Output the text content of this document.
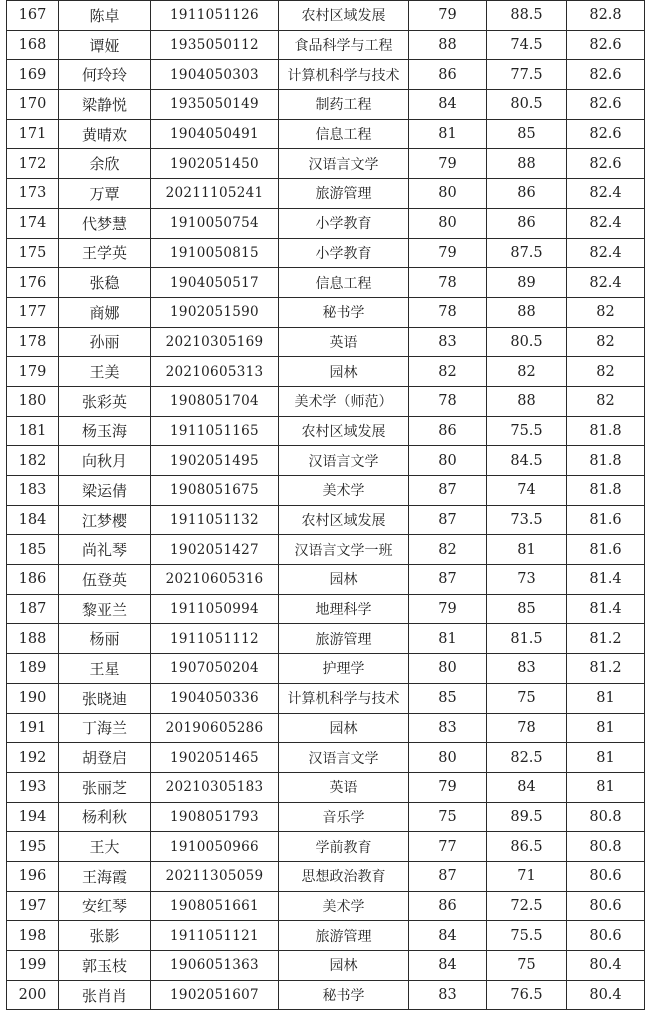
167	陈卓	1911051126	农村区域发展	79	88.5	82.8
168	谭娅	1935050112	食品科学与工程	88	74.5	82.6
169	何玲玲	1904050303	计算机科学与技术	86	77.5	82.6
170	梁静悦	1935050149	制药工程	84	80.5	82.6
171	黄晴欢	1904050491	信息工程	81	85	82.6
172	余欣	1902051450	汉语言文学	79	88	82.6
173	万覃	20211105241	旅游管理	80	86	82.4
174	代梦慧	1910050754	小学教育	80	86	82.4
175	王学英	1910050815	小学教育	79	87.5	82.4
176	张稳	1904050517	信息工程	78	89	82.4
177	商娜	1902051590	秘书学	78	88	82
178	孙丽	20210305169	英语	83	80.5	82
179	王美	20210605313	园林	82	82	82
180	张彩英	1908051704	美术学（师范）	78	88	82
181	杨玉海	1911051165	农村区域发展	86	75.5	81.8
182	向秋月	1902051495	汉语言文学	80	84.5	81.8
183	梁运倩	1908051675	美术学	87	74	81.8
184	江梦樱	1911051132	农村区域发展	87	73.5	81.6
185	尚礼琴	1902051427	汉语言文学一班	82	81	81.6
186	伍登英	20210605316	园林	87	73	81.4
187	黎亚兰	1911050994	地理科学	79	85	81.4
188	杨丽	1911051112	旅游管理	81	81.5	81.2
189	王星	1907050204	护理学	80	83	81.2
190	张晓迪	1904050336	计算机科学与技术	85	75	81
191	丁海兰	20190605286	园林	83	78	81
192	胡登启	1902051465	汉语言文学	80	82.5	81
193	张丽芝	20210305183	英语	79	84	81
194	杨利秋	1908051793	音乐学	75	89.5	80.8
195	王大	1910050966	学前教育	77	86.5	80.8
196	王海霞	20211305059	思想政治教育	87	71	80.6
197	安红琴	1908051661	美术学	86	72.5	80.6
198	张影	1911051121	旅游管理	84	75.5	80.6
199	郭玉枝	1906051363	园林	84	75	80.4
200	张肖肖	1902051607	秘书学	83	76.5	80.4
